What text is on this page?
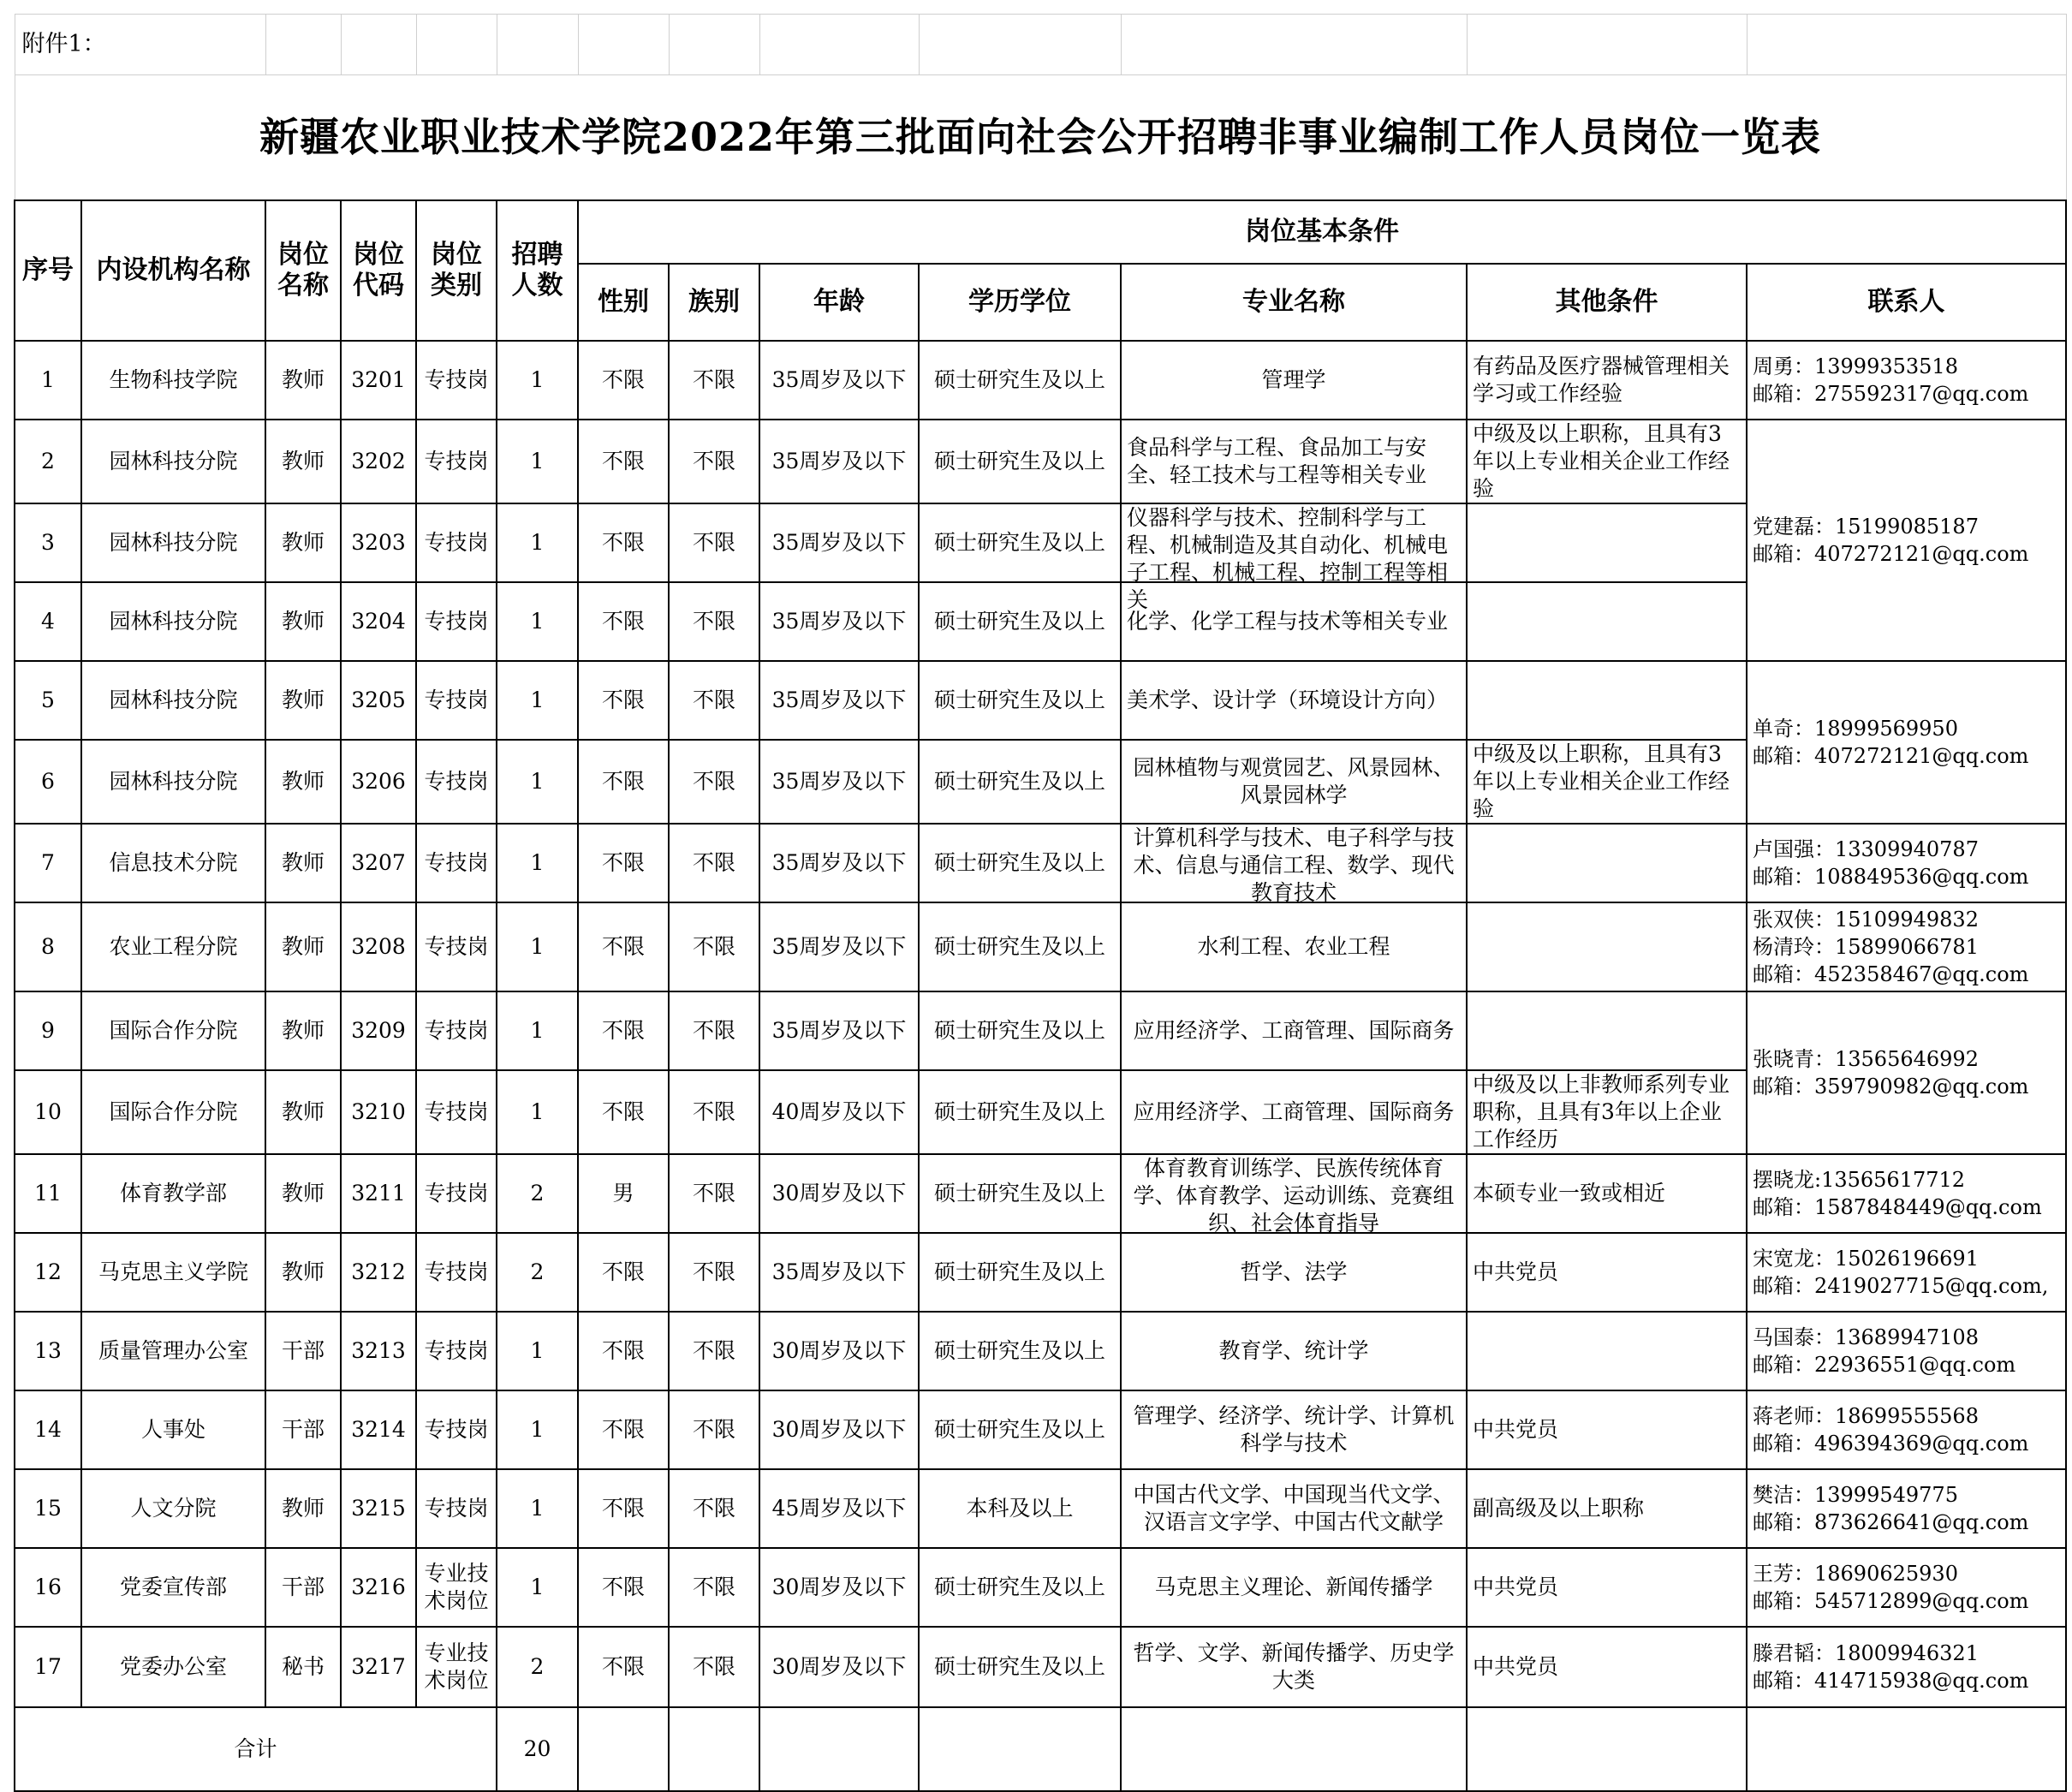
附件1：												
新疆农业职业技术学院2022年第三批面向社会公开招聘非事业编制工作人员岗位一览表												
序号	内设机构名称	岗位名称	岗位代码	岗位类别	招聘人数	岗位基本条件						
						性别	族别	年龄	学历学位	专业名称	其他条件	联系人
1	生物科技学院	教师	3201	专技岗	1	不限	不限	35周岁及以下	硕士研究生及以上	管理学	有药品及医疗器械管理相关学习或工作经验	周勇：13999353518
邮箱：275592317@qq.com

2	园林科技分院	教师	3202	专技岗	1	不限	不限	35周岁及以下	硕士研究生及以上	食品科学与工程、食品加工与安全、轻工技术与工程等相关专业	中级及以上职称，且具有3年以上专业相关企业工作经验	党建磊：15199085187
邮箱：407272121@qq.com

3	园林科技分院	教师	3203	专技岗	1	不限	不限	35周岁及以下	硕士研究生及以上	仪器科学与技术、控制科学与工程、机械制造及其自动化、机械电子工程、机械工程、控制工程等相关		

4	园林科技分院	教师	3204	专技岗	1	不限	不限	35周岁及以下	硕士研究生及以上	化学、化学工程与技术等相关专业		
5	园林科技分院	教师	3205	专技岗	1	不限	不限	35周岁及以下	硕士研究生及以上	美术学、设计学（环境设计方向）		单奇：18999569950
邮箱：407272121@qq.com

6	园林科技分院	教师	3206	专技岗	1	不限	不限	35周岁及以下	硕士研究生及以上	园林植物与观赏园艺、风景园林、风景园林学	中级及以上职称，且具有3年以上专业相关企业工作经验	
7	信息技术分院	教师	3207	专技岗	1	不限	不限	35周岁及以下	硕士研究生及以上	计算机科学与技术、电子科学与技术、信息与通信工程、数学、现代教育技术		卢国强：13309940787
邮箱：108849536@qq.com

8	农业工程分院	教师	3208	专技岗	1	不限	不限	35周岁及以下	硕士研究生及以上	水利工程、农业工程		张双侠：15109949832
杨清玲：15899066781
邮箱：452358467@qq.com

9	国际合作分院	教师	3209	专技岗	1	不限	不限	35周岁及以下	硕士研究生及以上	应用经济学、工商管理、国际商务		张晓青：13565646992
邮箱：359790982@qq.com

10	国际合作分院	教师	3210	专技岗	1	不限	不限	40周岁及以下	硕士研究生及以上	应用经济学、工商管理、国际商务	中级及以上非教师系列专业职称，且具有3年以上企业工作经历	
11	体育教学部	教师	3211	专技岗	2	男	不限	30周岁及以下	硕士研究生及以上	体育教育训练学、民族传统体育学、体育教学、运动训练、竞赛组织、社会体育指导	本硕专业一致或相近	摆晓龙:13565617712
邮箱：1587848449@qq.com

12	马克思主义学院	教师	3212	专技岗	2	不限	不限	35周岁及以下	硕士研究生及以上	哲学、法学	中共党员	宋宽龙：15026196691
邮箱：2419027715@qq.com,

13	质量管理办公室	干部	3213	专技岗	1	不限	不限	30周岁及以下	硕士研究生及以上	教育学、统计学		马国泰：13689947108
邮箱：22936551@qq.com

14	人事处	干部	3214	专技岗	1	不限	不限	30周岁及以下	硕士研究生及以上	管理学、经济学、统计学、计算机科学与技术	中共党员	蒋老师：18699555568
邮箱：496394369@qq.com

15	人文分院	教师	3215	专技岗	1	不限	不限	45周岁及以下	本科及以上	中国古代文学、中国现当代文学、汉语言文字学、中国古代文献学	副高级及以上职称	樊洁：13999549775
邮箱：873626641@qq.com

16	党委宣传部	干部	3216	专业技术岗位	1	不限	不限	30周岁及以下	硕士研究生及以上	马克思主义理论、新闻传播学	中共党员	王芳：18690625930
邮箱：545712899@qq.com

17	党委办公室	秘书	3217	专业技术岗位	2	不限	不限	30周岁及以下	硕士研究生及以上	哲学、文学、新闻传播学、历史学大类	中共党员	滕君韬：18009946321
邮箱：414715938@qq.com

合计					20							
